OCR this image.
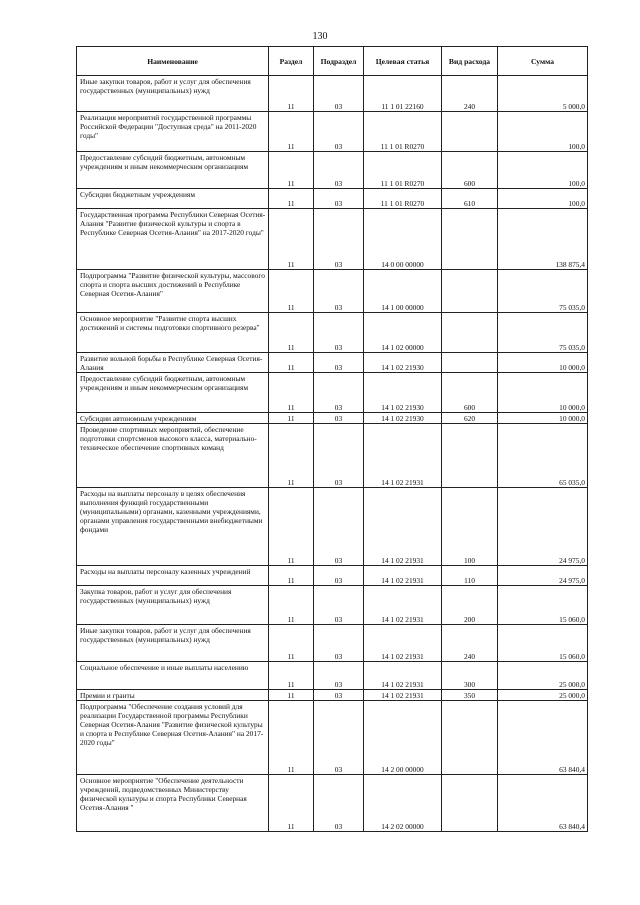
130
Наименование	Раздел	Подраздел	Целевая статья	Вид расхода	Сумма
Иные закупки товаров, работ и услуг для обеспечения государственных (муниципальных) нужд	11	03	11 1 01 22160	240	5 000,0
Реализация мероприятий государственной программы Российской Федерации "Доступная среда" на 2011-2020 годы"	11	03	11 1 01 R0270		100,0
Предоставление субсидий бюджетным, автономным учреждениям и иным некоммерческим организациям	11	03	11 1 01 R0270	600	100,0
Субсидии бюджетным учреждениям	11	03	11 1 01 R0270	610	100,0
Государственная программа Республики Северная Осетия-Алания "Развитие физической культуры и спорта в Республике Северная Осетия-Алания" на 2017-2020 годы"	11	03	14 0 00 00000		138 875,4
Подпрограмма "Развитие физической культуры, массового спорта и спорта высших достижений в Республике Северная Осетия-Алания"	11	03	14 1 00 00000		75 035,0
Основное мероприятие "Развитие спорта высших достижений и системы подготовки спортивного резерва"	11	03	14 1 02 00000		75 035,0
Развитие вольной борьбы в Республике Северная Осетия-Алания	11	03	14 1 02 21930		10 000,0
Предоставление субсидий бюджетным, автономным учреждениям и иным некоммерческим организациям	11	03	14 1 02 21930	600	10 000,0
Субсидии автономным учреждениям	11	03	14 1 02 21930	620	10 000,0
Проведение спортивных мероприятий, обеспечение подготовки спортсменов высокого класса, материально-техническое обеспечение спортивных команд	11	03	14 1 02 21931		65 035,0
Расходы на выплаты персоналу в целях обеспечения выполнения функций государственными (муниципальными) органами, казенными учреждениями, органами управления государственными внебюджетными фондами	11	03	14 1 02 21931	100	24 975,0
Расходы на выплаты персоналу казенных учреждений	11	03	14 1 02 21931	110	24 975,0
Закупка товаров, работ и услуг для обеспечения государственных (муниципальных) нужд	11	03	14 1 02 21931	200	15 060,0
Иные закупки товаров, работ и услуг для обеспечения государственных (муниципальных) нужд	11	03	14 1 02 21931	240	15 060,0
Социальное обеспечение и иные выплаты населению	11	03	14 1 02 21931	300	25 000,0
Премии и гранты	11	03	14 1 02 21931	350	25 000,0
Подпрограмма "Обеспечение создания условий для реализации Государственной программы Республики Северная Осетия-Алания "Развитие физической культуры и спорта в Республике Северная Осетия-Алания" на 2017-2020 годы"	11	03	14 2 00 00000		63 840,4
Основное мероприятие "Обеспечение деятельности учреждений, подведомственных Министерству физической культуры и спорта Республики Северная Осетия-Алания "	11	03	14 2 02 00000		63 840,4
